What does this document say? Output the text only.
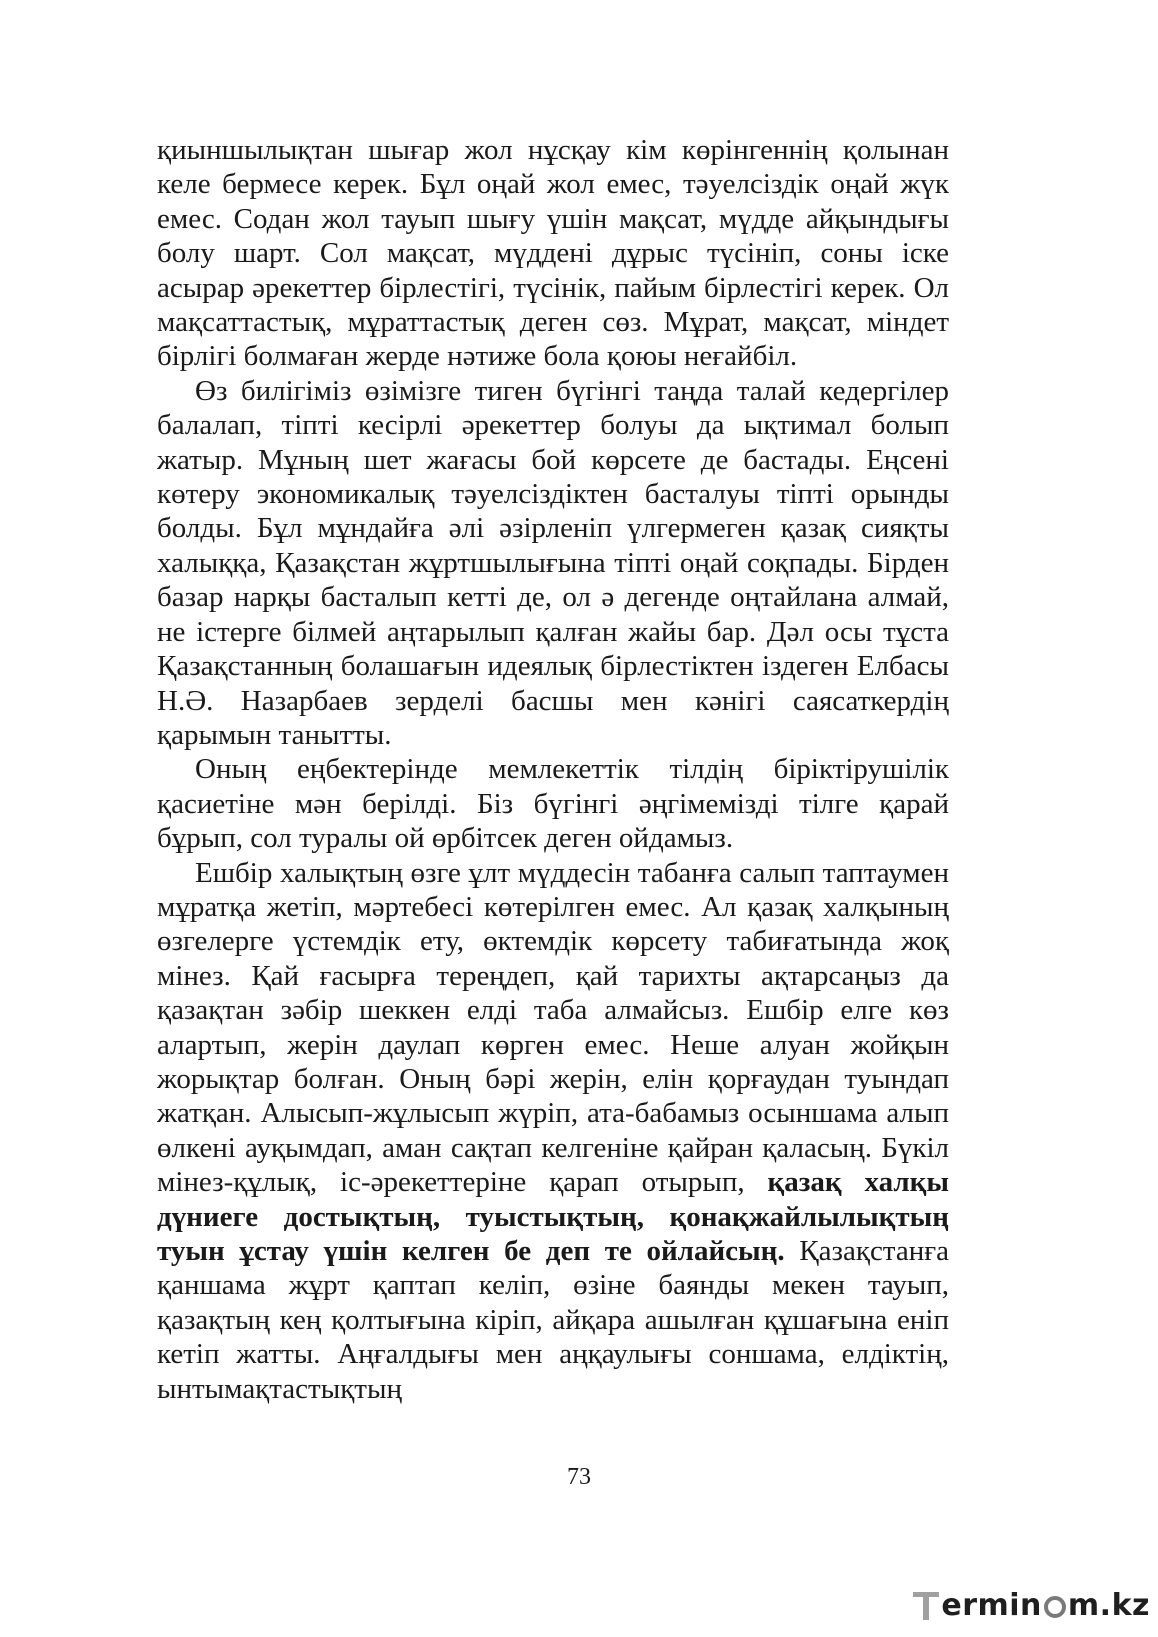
қиыншылықтан шығар жол нұсқау кім көрінгеннің қолынан келе бермесе керек. Бұл оңай жол емес, тәуелсіздік оңай жүк емес. Содан жол тауып шығу үшін мақсат, мүдде айқындығы болу шарт. Сол мақсат, мүддені дұрыс түсініп, соны іске асырар әрекеттер бірлестігі, түсінік, пайым бірлестігі керек. Ол мақсаттастық, мұраттастық деген сөз. Мұрат, мақсат, міндет бірлігі болмаған жерде нәтиже бола қоюы неғайбіл.

Өз билігіміз өзімізге тиген бүгінгі таңда талай кедергілер балалап, тіпті кесірлі әрекеттер болуы да ықтимал болып жатыр. Мұның шет жағасы бой көрсете де бастады. Еңсені көтеру экономикалық тәуелсіздіктен басталуы тіпті орынды болды. Бұл мұндайға әлі әзірленіп үлгермеген қазақ сияқты халыққа, Қазақстан жұртшылығына тіпті оңай соқпады. Бірден базар нарқы басталып кетті де, ол ә дегенде оңтайлана алмай, не істерге білмей аңтарылып қалған жайы бар. Дәл осы тұста Қазақстанның болашағын идеялық бірлестіктен іздеген Елбасы Н.Ә. Назарбаев зерделі басшы мен кәнігі саясаткердің қарымын танытты.

Оның еңбектерінде мемлекеттік тілдің біріктірушілік қасиетіне мән берілді. Біз бүгінгі әңгімемізді тілге қарай бұрып, сол туралы ой өрбітсек деген ойдамыз.

Ешбір халықтың өзге ұлт мүддесін табанға салып таптаумен мұратқа жетіп, мәртебесі көтерілген емес. Ал қазақ халқының өзгелерге үстемдік ету, өктемдік көрсету табиғатында жоқ мінез. Қай ғасырға тереңдеп, қай тарихты ақтарсаңыз да қазақтан зәбір шеккен елді таба алмайсыз. Ешбір елге көз алартып, жерін даулап көрген емес. Неше алуан жойқын жорықтар болған. Оның бәрі жерін, елін қорғаудан туындап жатқан. Алысып-жұлысып жүріп, ата-бабамыз осыншама алып өлкені ауқымдап, аман сақтап келгеніне қайран қаласың. Бүкіл мінез-құлық, іс-әрекеттеріне қарап отырып, қазақ халқы дүниеге достықтың, туыстықтың, қонақжайлылықтың туын ұстау үшін келген бе деп те ойлайсың. Қазақстанға қаншама жұрт қаптап келіп, өзіне баянды мекен тауып, қазақтың кең қолтығына кіріп, айқара ашылған құшағына еніп кетіп жатты. Аңғалдығы мен аңқаулығы соншама, елдіктің, ынтымақтастықтың

73
ermin m.kz
